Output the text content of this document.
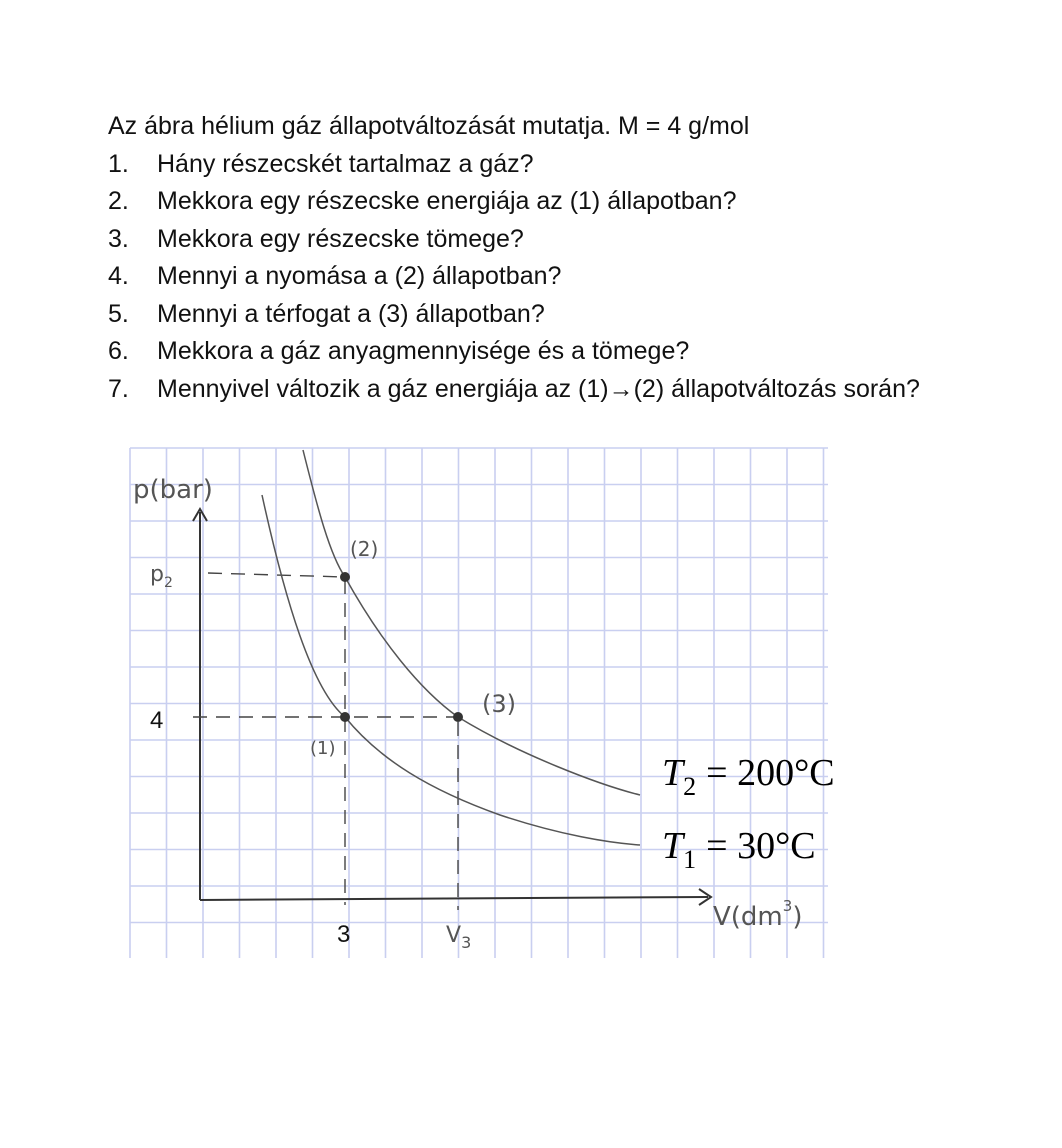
Az ábra hélium gáz állapotváltozását mutatja. M = 4 g/mol

1.	Hány részecskét tartalmaz a gáz?
2.	Mekkora egy részecske energiája az (1) állapotban?
3.	Mekkora egy részecske tömege?
4.	Mennyi a nyomása a (2) állapotban?
5.	Mennyi a térfogat a (3) állapotban?
6.	Mekkora a gáz anyagmennyisége és a tömege?
7.	Mennyivel változik a gáz energiája az (1)→(2) állapotváltozás során?
p(bar)
$V(dm^3)$
$p_2$
$V_3$
(1)
(2)
(3)
4
3
$T_2 = 200^\circ C$
$T_1 = 30^\circ C$
